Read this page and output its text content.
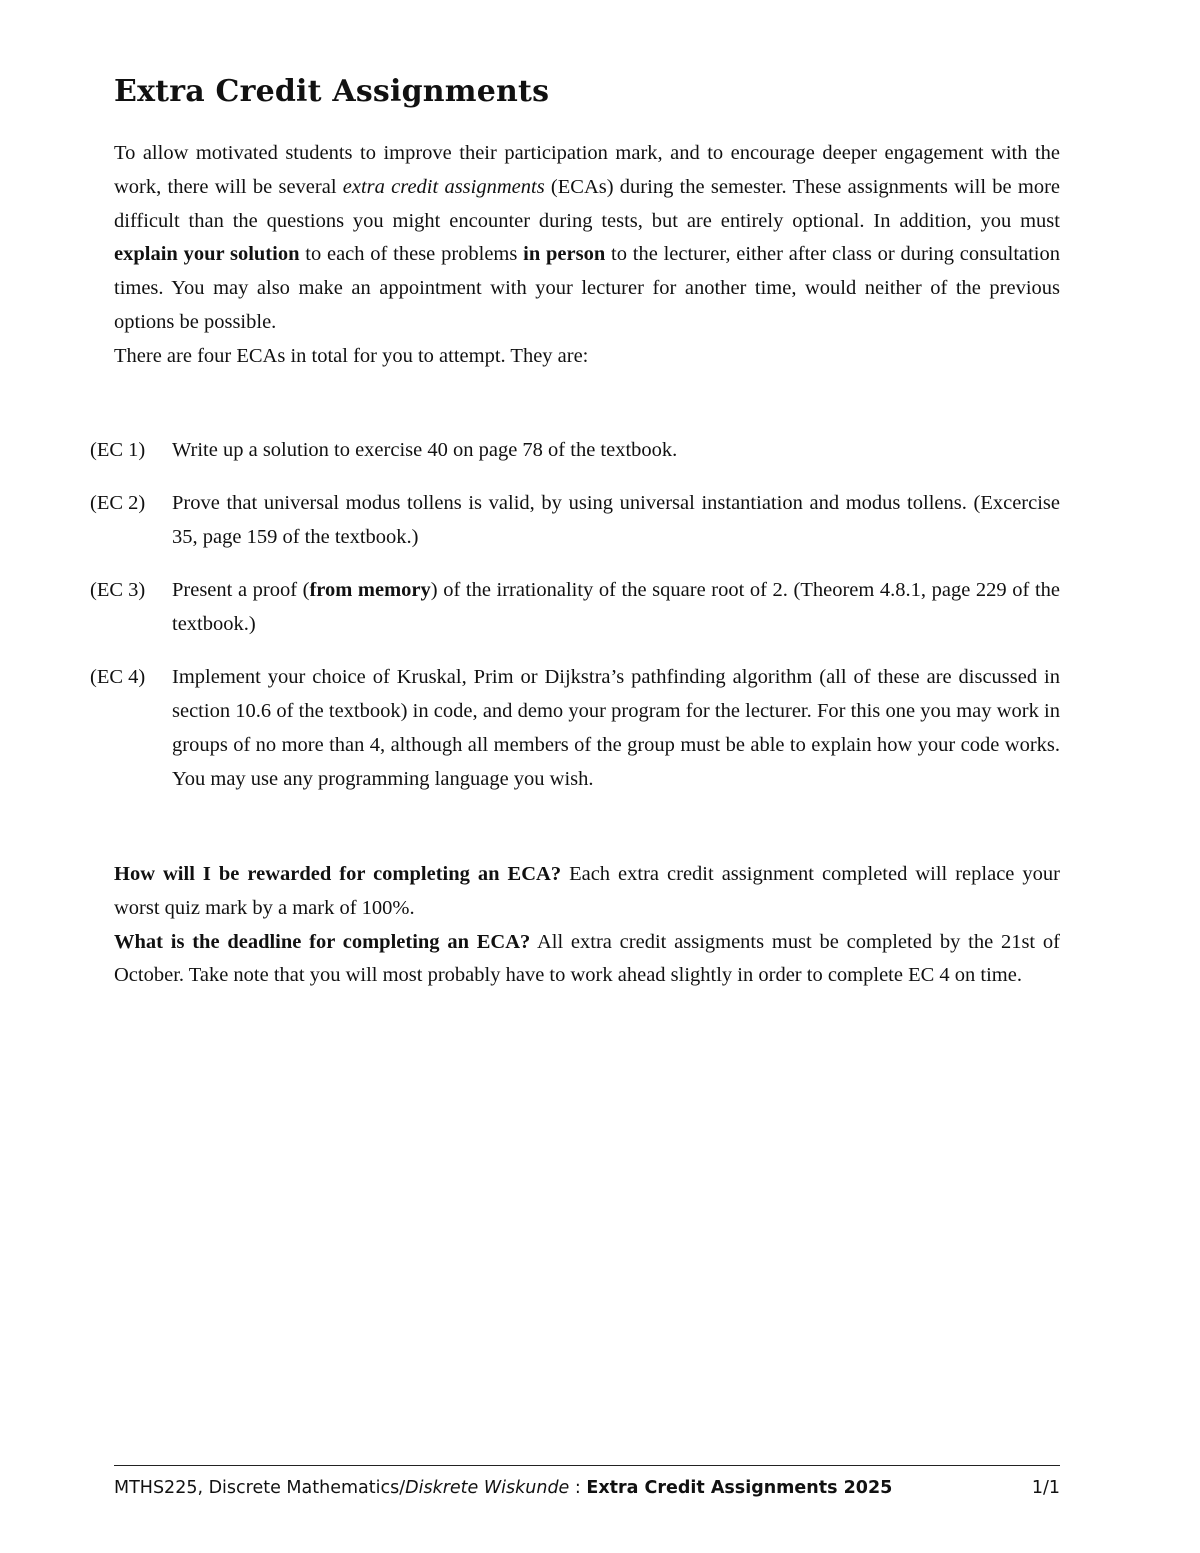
Extra Credit Assignments

To allow motivated students to improve their participation mark, and to encourage deeper engagement with the work, there will be several extra credit assignments (ECAs) during the semester. These assignments will be more difficult than the questions you might encounter during tests, but are entirely optional. In addition, you must explain your solution to each of these problems in person to the lecturer, either after class or during consultation times. You may also make an appointment with your lecturer for another time, would neither of the previous options be possible.

There are four ECAs in total for you to attempt. They are:

(EC 1)	Write up a solution to exercise 40 on page 78 of the textbook.
(EC 2)	Prove that universal modus tollens is valid, by using universal instantiation and modus tollens. (Excercise 35, page 159 of the textbook.)
(EC 3)	Present a proof (from memory) of the irrationality of the square root of 2. (Theorem 4.8.1, page 229 of the textbook.)
(EC 4)	Implement your choice of Kruskal, Prim or Dijkstra’s pathfinding algorithm (all of these are discussed in section 10.6 of the textbook) in code, and demo your program for the lecturer. For this one you may work in groups of no more than 4, although all members of the group must be able to explain how your code works. You may use any programming language you wish.

How will I be rewarded for completing an ECA? Each extra credit assignment completed will replace your worst quiz mark by a mark of 100%.

What is the deadline for completing an ECA? All extra credit assigments must be completed by the 21st of October. Take note that you will most probably have to work ahead slightly in order to complete EC 4 on time.

MTHS225, Discrete Mathematics/Diskrete Wiskunde : Extra Credit Assignments 2025	1/1
